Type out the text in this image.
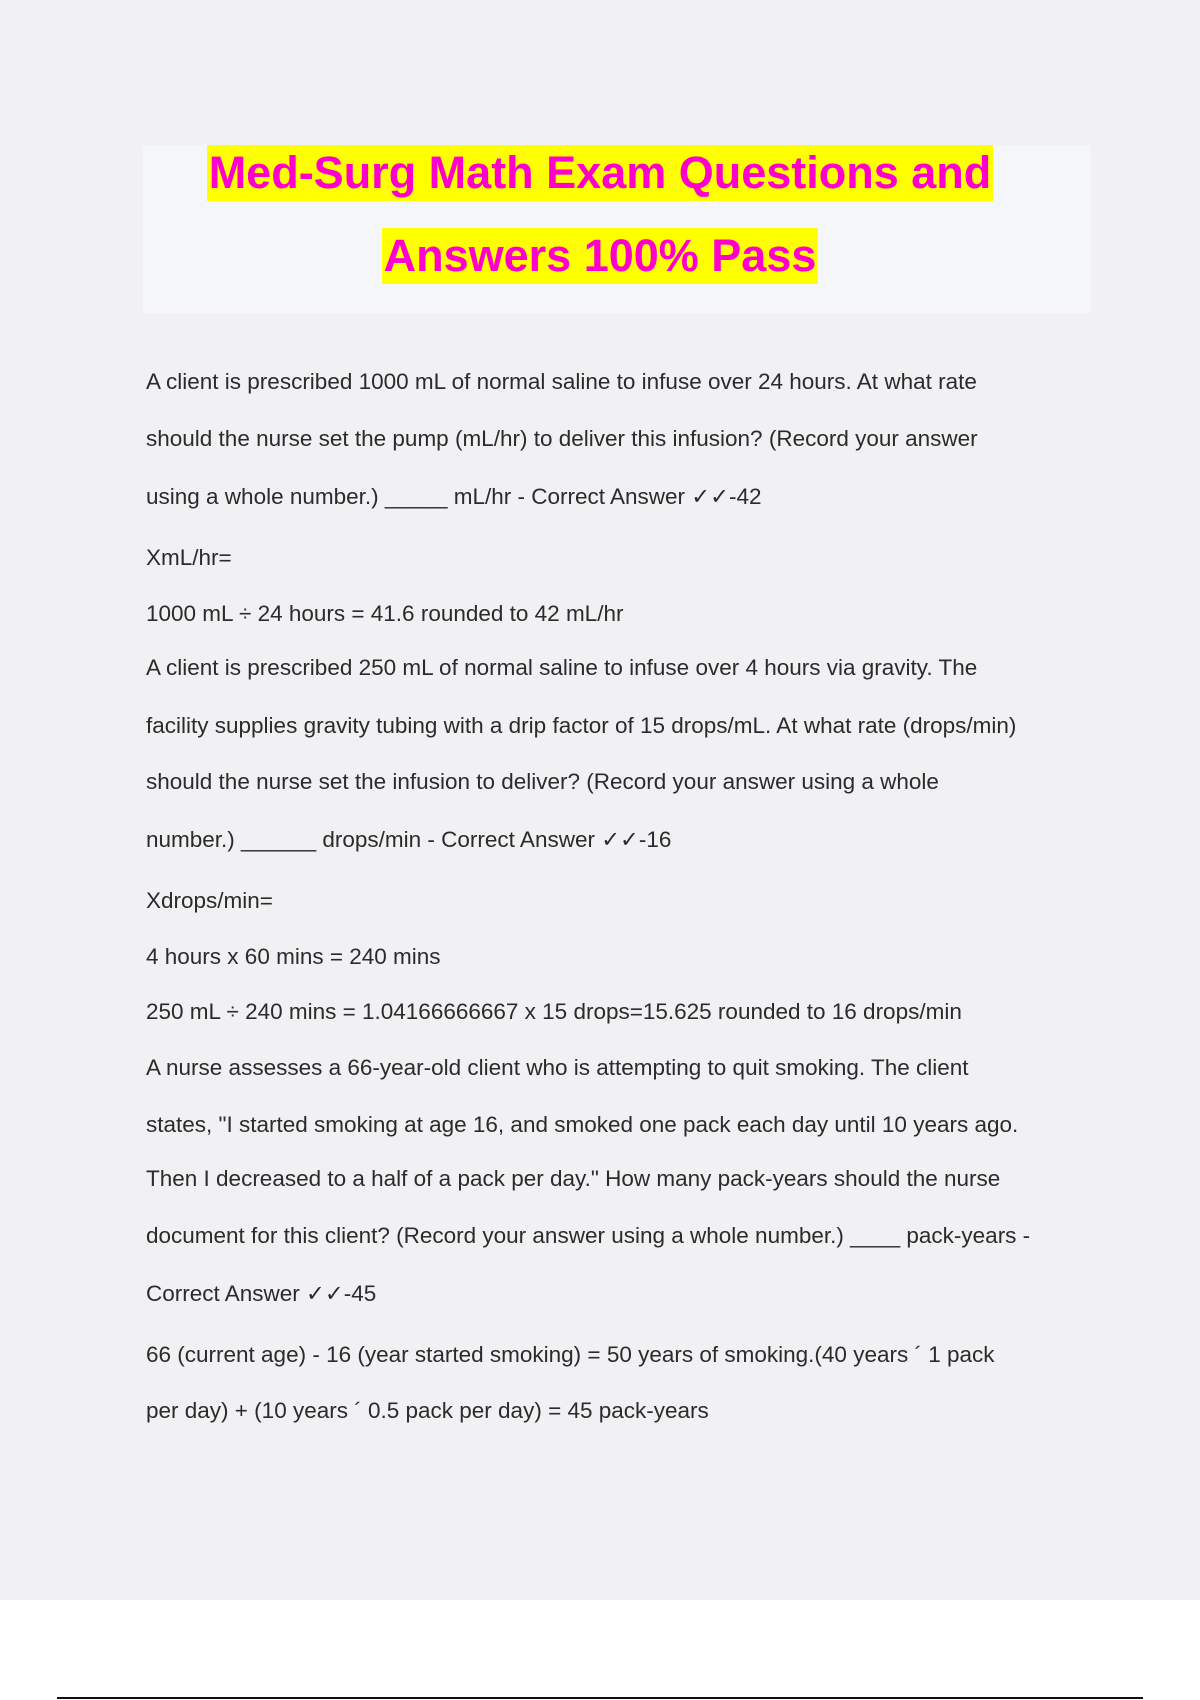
Med-Surg Math Exam Questions and
Answers 100% Pass
A client is prescribed 1000 mL of normal saline to infuse over 24 hours. At what rate
should the nurse set the pump (mL/hr) to deliver this infusion? (Record your answer
using a whole number.) _____ mL/hr - Correct Answer ✓✓-42
XmL/hr=
1000 mL ÷ 24 hours = 41.6 rounded to 42 mL/hr
A client is prescribed 250 mL of normal saline to infuse over 4 hours via gravity. The
facility supplies gravity tubing with a drip factor of 15 drops/mL. At what rate (drops/min)
should the nurse set the infusion to deliver? (Record your answer using a whole
number.) ______ drops/min - Correct Answer ✓✓-16
Xdrops/min=
4 hours x 60 mins = 240 mins
250 mL ÷ 240 mins = 1.04166666667 x 15 drops=15.625 rounded to 16 drops/min
A nurse assesses a 66-year-old client who is attempting to quit smoking. The client
states, "I started smoking at age 16, and smoked one pack each day until 10 years ago.
Then I decreased to a half of a pack per day." How many pack-years should the nurse
document for this client? (Record your answer using a whole number.) ____ pack-years -
Correct Answer ✓✓-45
66 (current age) - 16 (year started smoking) = 50 years of smoking.(40 years ´ 1 pack
per day) + (10 years ´ 0.5 pack per day) = 45 pack-years
